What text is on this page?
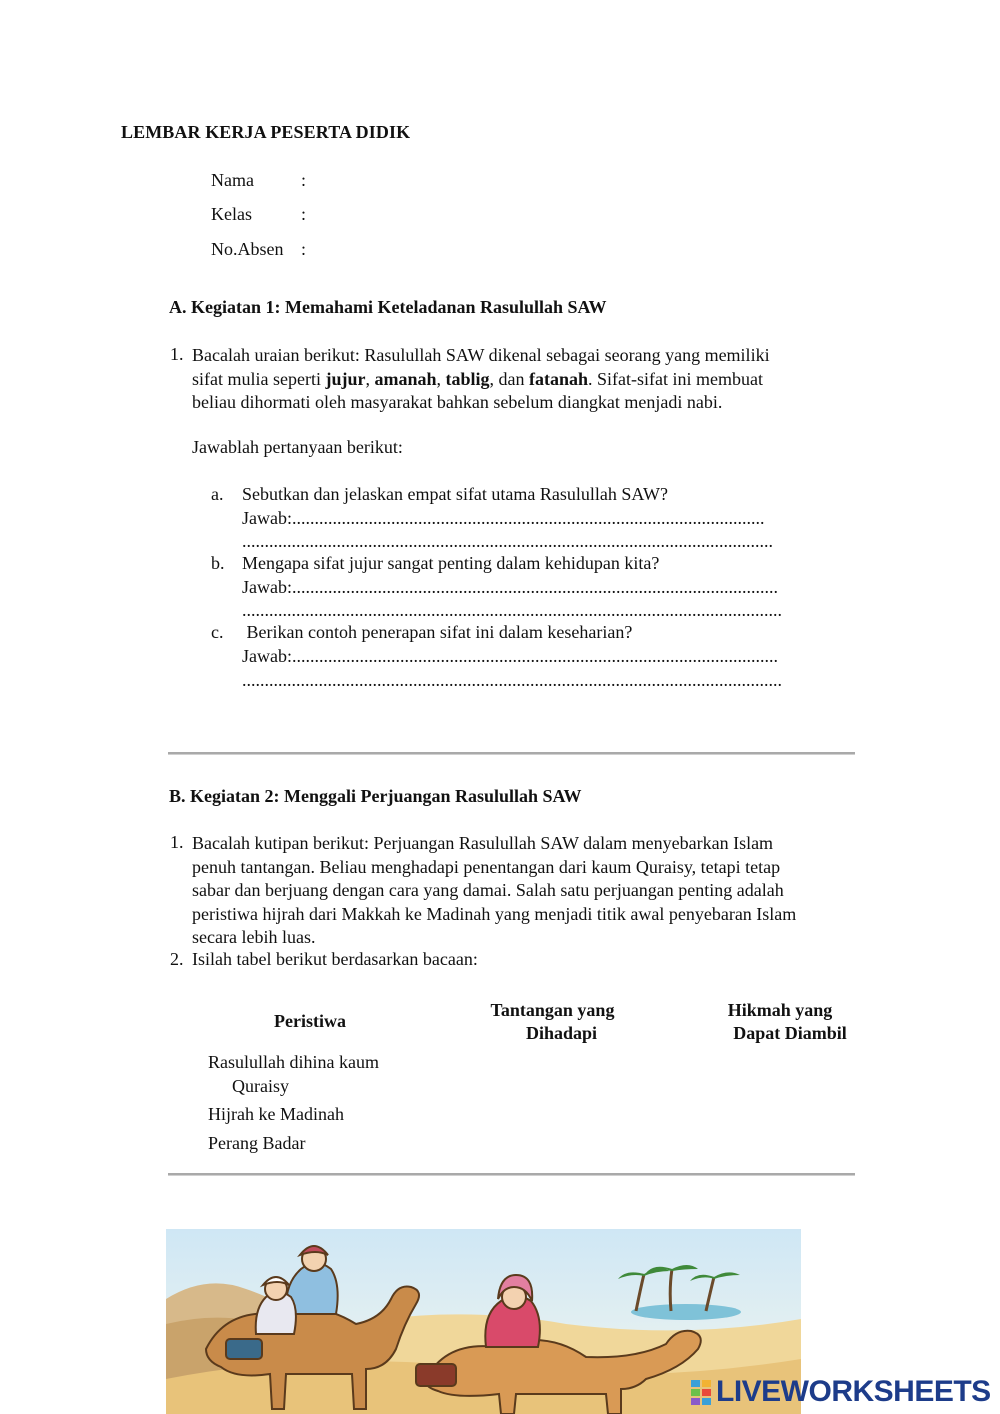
LEMBAR KERJA PESERTA DIDIK
Nama	:
Kelas	:
No.Absen :
A. Kegiatan 1: Memahami Keteladanan Rasulullah SAW
1. Bacalah uraian berikut: Rasulullah SAW dikenal sebagai seorang yang memiliki
sifat mulia seperti jujur, amanah, tablig, dan fatanah. Sifat-sifat ini membuat
beliau dihormati oleh masyarakat bahkan sebelum diangkat menjadi nabi.
Jawablah pertanyaan berikut:
a. Sebutkan dan jelaskan empat sifat utama Rasulullah SAW?
Jawab:.........................................................................................................
......................................................................................................................
b. Mengapa sifat jujur sangat penting dalam kehidupan kita?
Jawab:............................................................................................................
........................................................................................................................
c. Berikan contoh penerapan sifat ini dalam keseharian?
Jawab:............................................................................................................
........................................................................................................................
B. Kegiatan 2: Menggali Perjuangan Rasulullah SAW
1. Bacalah kutipan berikut: Perjuangan Rasulullah SAW dalam menyebarkan Islam
penuh tantangan. Beliau menghadapi penentangan dari kaum Quraisy, tetapi tetap
sabar dan berjuang dengan cara yang damai. Salah satu perjuangan penting adalah
peristiwa hijrah dari Makkah ke Madinah yang menjadi titik awal penyebaran Islam
secara lebih luas.
2. Isilah tabel berikut berdasarkan bacaan:
Peristiwa
Tantangan yang
Dihadapi
Hikmah yang
Dapat Diambil
Rasulullah dihina kaum
Quraisy
Hijrah ke Madinah
Perang Badar
LIVEWORKSHEETS
